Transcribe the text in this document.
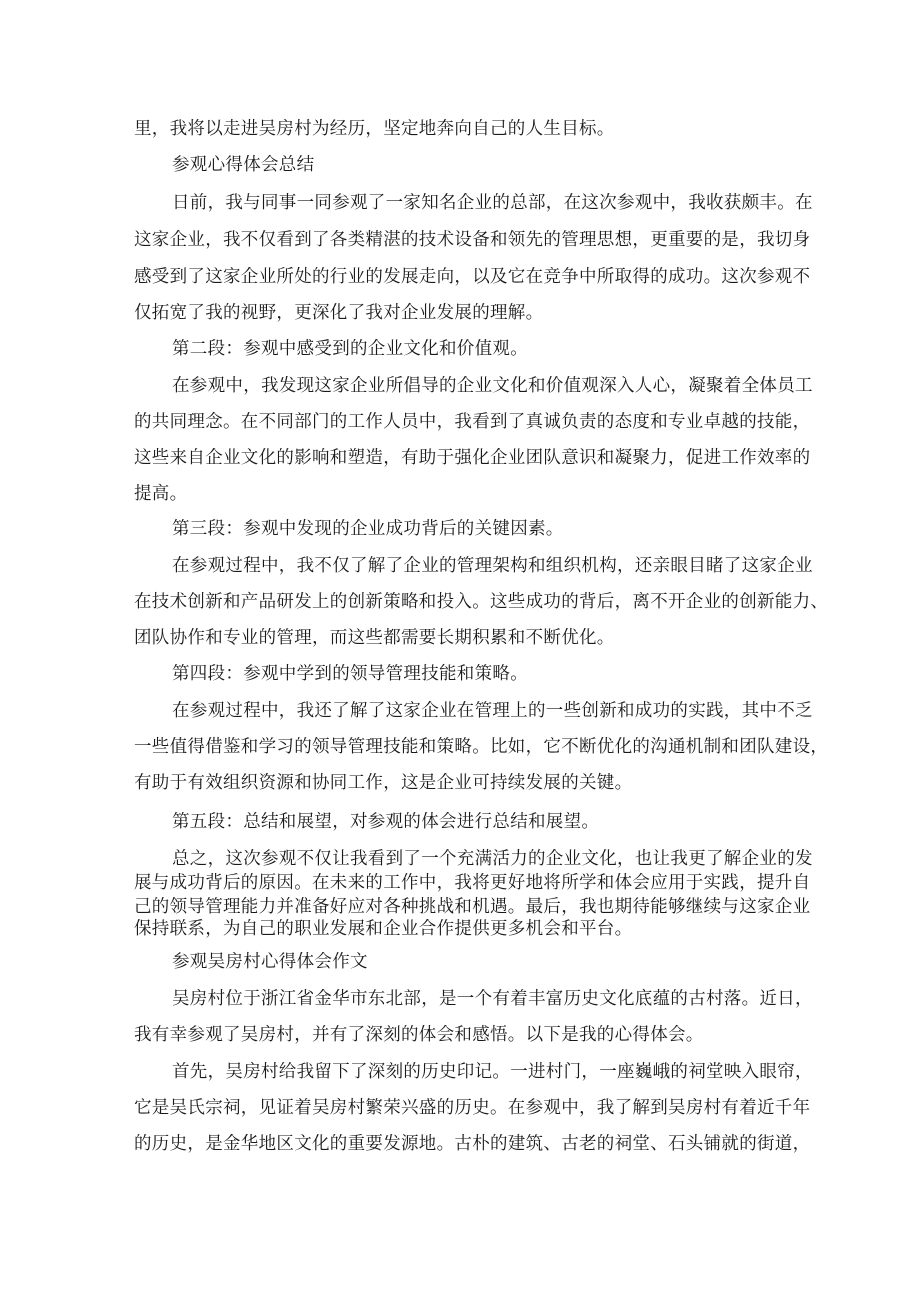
里，我将以走进吴房村为经历，坚定地奔向自己的人生目标。
参观心得体会总结
日前，我与同事一同参观了一家知名企业的总部，在这次参观中，我收获颇丰。在
这家企业，我不仅看到了各类精湛的技术设备和领先的管理思想，更重要的是，我切身
感受到了这家企业所处的行业的发展走向，以及它在竞争中所取得的成功。这次参观不
仅拓宽了我的视野，更深化了我对企业发展的理解。
第二段：参观中感受到的企业文化和价值观。
在参观中，我发现这家企业所倡导的企业文化和价值观深入人心，凝聚着全体员工
的共同理念。在不同部门的工作人员中，我看到了真诚负责的态度和专业卓越的技能，
这些来自企业文化的影响和塑造，有助于强化企业团队意识和凝聚力，促进工作效率的
提高。
第三段：参观中发现的企业成功背后的关键因素。
在参观过程中，我不仅了解了企业的管理架构和组织机构，还亲眼目睹了这家企业
在技术创新和产品研发上的创新策略和投入。这些成功的背后，离不开企业的创新能力、
团队协作和专业的管理，而这些都需要长期积累和不断优化。
第四段：参观中学到的领导管理技能和策略。
在参观过程中，我还了解了这家企业在管理上的一些创新和成功的实践，其中不乏
一些值得借鉴和学习的领导管理技能和策略。比如，它不断优化的沟通机制和团队建设，
有助于有效组织资源和协同工作，这是企业可持续发展的关键。
第五段：总结和展望，对参观的体会进行总结和展望。
总之，这次参观不仅让我看到了一个充满活力的企业文化，也让我更了解企业的发
展与成功背后的原因。在未来的工作中，我将更好地将所学和体会应用于实践，提升自
己的领导管理能力并准备好应对各种挑战和机遇。最后，我也期待能够继续与这家企业
保持联系，为自己的职业发展和企业合作提供更多机会和平台。
参观吴房村心得体会作文
吴房村位于浙江省金华市东北部，是一个有着丰富历史文化底蕴的古村落。近日，
我有幸参观了吴房村，并有了深刻的体会和感悟。以下是我的心得体会。
首先，吴房村给我留下了深刻的历史印记。一进村门，一座巍峨的祠堂映入眼帘，
它是吴氏宗祠，见证着吴房村繁荣兴盛的历史。在参观中，我了解到吴房村有着近千年
的历史，是金华地区文化的重要发源地。古朴的建筑、古老的祠堂、石头铺就的街道，
